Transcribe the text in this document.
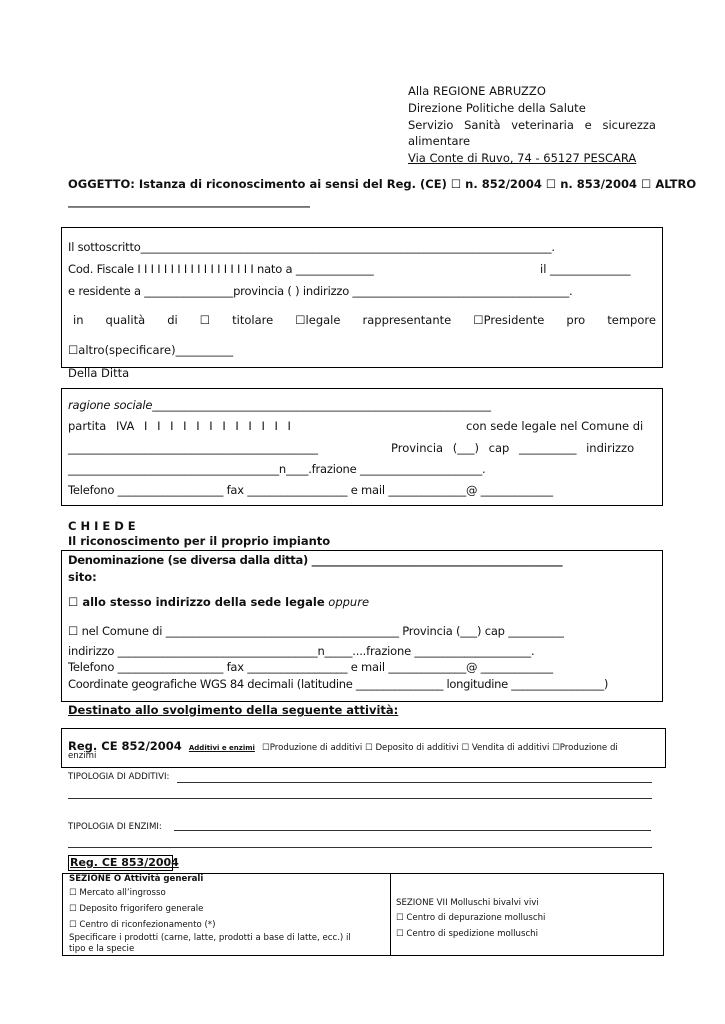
Alla REGIONE ABRUZZO
Direzione Politiche della Salute
Servizio Sanità veterinaria e sicurezza
alimentare
Via Conte di Ruvo, 74 - 65127 PESCARA
OGGETTO: Istanza di riconoscimento ai sensi del Reg. (CE) ☐ n. 852/2004 ☐ n. 853/2004 ☐ ALTRO
______________________________________________
Il sottoscritto__________________________________________________________________________.
Cod. Fiscale I I I I I I I I I I I I I I I I I I nato a ______________	il ______________
e residente a ________________provincia ( ) indirizzo _______________________________________.
in qualità di ☐ titolare ☐legale rappresentante ☐Presidente pro tempore
☐altro(specificare)__________
Della Ditta
ragione sociale_____________________________________________________________
partita IVA I I I I I I I I I I I I	con sede legale nel Comune di
_____________________________________________	Provincia (___) cap __________ indirizzo
______________________________________n____.frazione ______________________.
Telefono ___________________ fax __________________ e mail ______________@ _____________
C H I E D E
Il riconoscimento per il proprio impianto
Denominazione (se diversa dalla ditta) ______________________________________________
sito:
☐ allo stesso indirizzo della sede legale oppure
☐ nel Comune di __________________________________________ Provincia (___) cap __________
indirizzo ____________________________________n_____....frazione _____________________.
Telefono ___________________ fax __________________ e mail ______________@ _____________
Coordinate geografiche WGS 84 decimali (latitudine ________________ longitudine _________________)
Destinato allo svolgimento della seguente attività:
Reg. CE 852/2004 Additivi e enzimi ☐Produzione di additivi ☐ Deposito di additivi ☐ Vendita di additivi ☐Produzione di
enzimi
TIPOLOGIA DI ADDITIVI:
TIPOLOGIA DI ENZIMI:
Reg. CE 853/2004
SEZIONE O Attività generali
☐ Mercato all’ingrosso
☐ Deposito frigorifero generale
☐ Centro di riconfezionamento (*)
Specificare i prodotti (carne, latte, prodotti a base di latte, ecc.) il
tipo e la specie
SEZIONE VII Molluschi bivalvi vivi
☐ Centro di depurazione molluschi
☐ Centro di spedizione molluschi
